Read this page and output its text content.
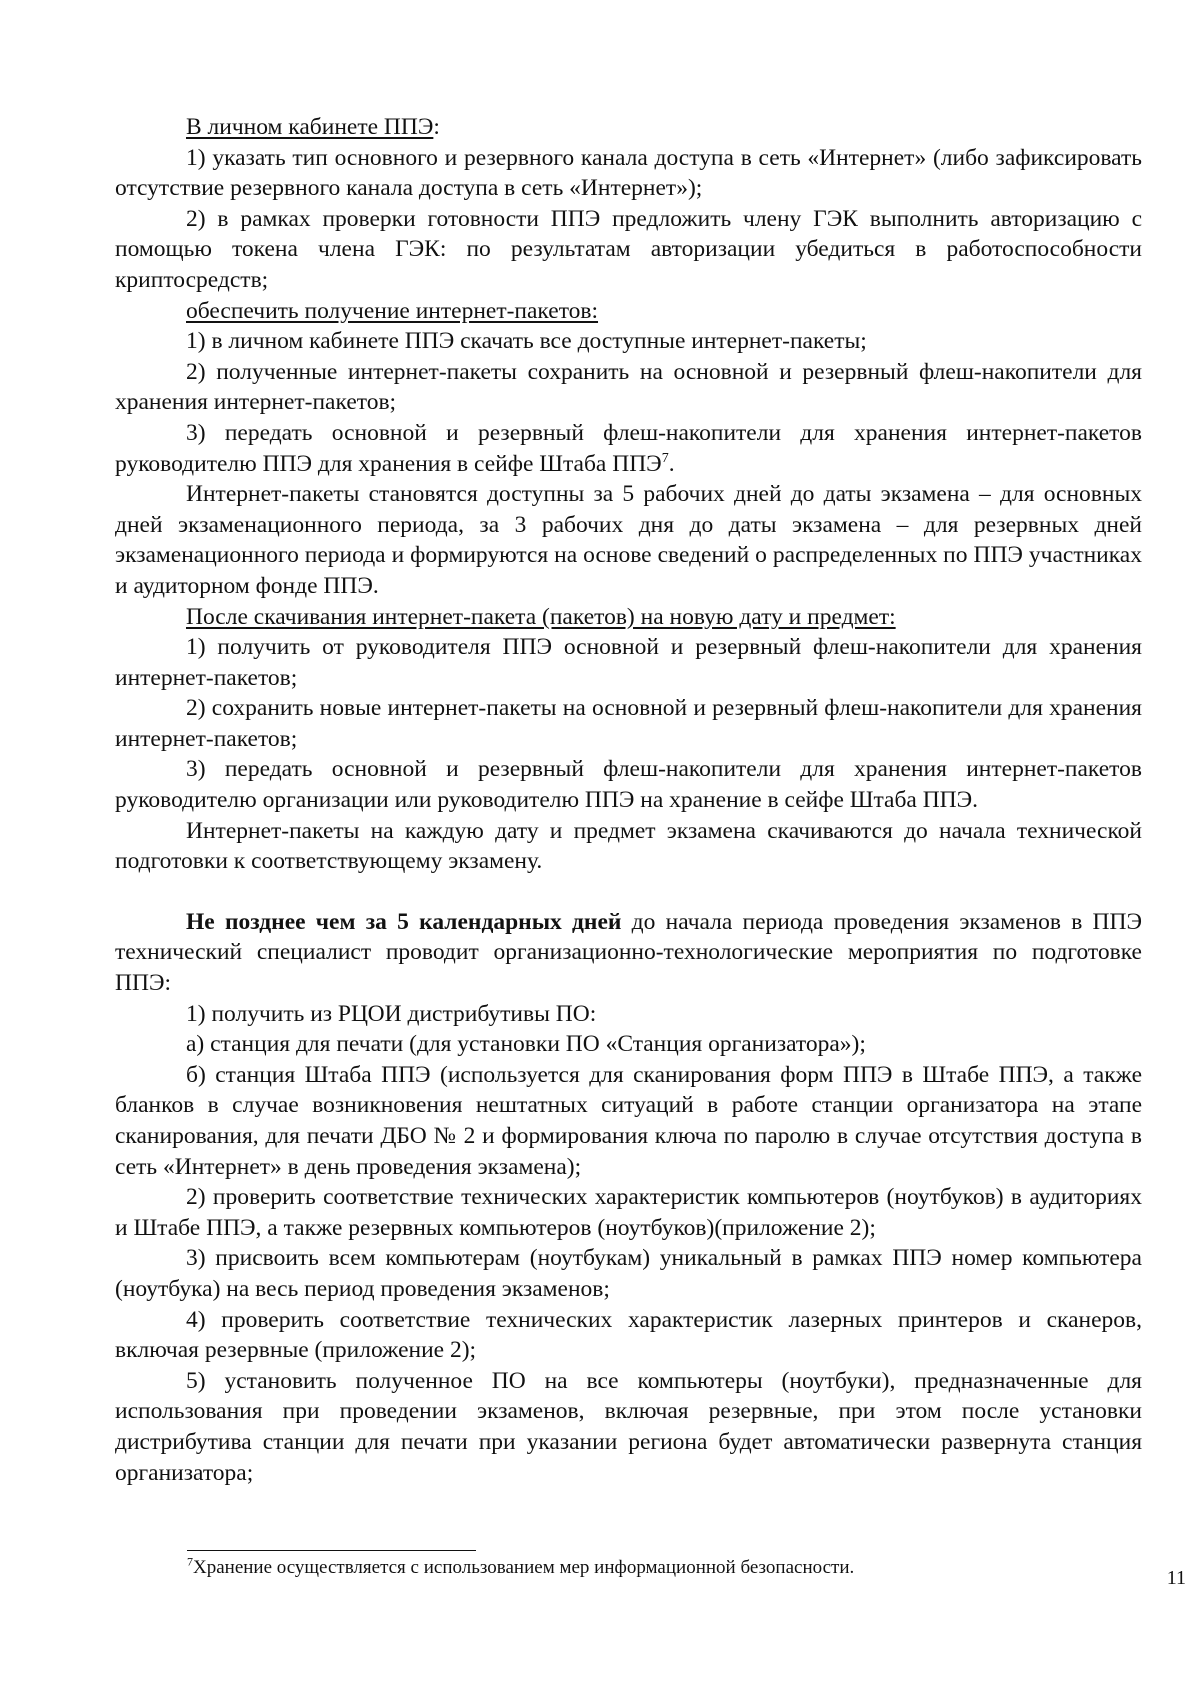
В личном кабинете ППЭ:

1) указать тип основного и резервного канала доступа в сеть «Интернет» (либо зафиксировать отсутствие резервного канала доступа в сеть «Интернет»);

2) в рамках проверки готовности ППЭ предложить члену ГЭК выполнить авторизацию с помощью токена члена ГЭК: по результатам авторизации убедиться в работоспособности криптосредств;

обеспечить получение интернет-пакетов:

1) в личном кабинете ППЭ скачать все доступные интернет-пакеты;

2) полученные интернет-пакеты сохранить на основной и резервный флеш-накопители для хранения интернет-пакетов;

3) передать основной и резервный флеш-накопители для хранения интернет-пакетов руководителю ППЭ для хранения в сейфе Штаба ППЭ$^7$.

Интернет-пакеты становятся доступны за 5 рабочих дней до даты экзамена – для основных дней экзаменационного периода, за 3 рабочих дня до даты экзамена – для резервных дней экзаменационного периода и формируются на основе сведений о распределенных по ППЭ участниках и аудиторном фонде ППЭ.

После скачивания интернет-пакета (пакетов) на новую дату и предмет:

1) получить от руководителя ППЭ основной и резервный флеш-накопители для хранения интернет-пакетов;

2) сохранить новые интернет-пакеты на основной и резервный флеш-накопители для хранения интернет-пакетов;

3) передать основной и резервный флеш-накопители для хранения интернет-пакетов руководителю организации или руководителю ППЭ на хранение в сейфе Штаба ППЭ.

Интернет-пакеты на каждую дату и предмет экзамена скачиваются до начала технической подготовки к соответствующему экзамену.

Не позднее чем за 5 календарных дней до начала периода проведения экзаменов в ППЭ технический специалист проводит организационно-технологические мероприятия по подготовке ППЭ:

1) получить из РЦОИ дистрибутивы ПО:

а) станция для печати (для установки ПО «Станция организатора»);

б) станция Штаба ППЭ (используется для сканирования форм ППЭ в Штабе ППЭ, а также бланков в случае возникновения нештатных ситуаций в работе станции организатора на этапе сканирования, для печати ДБО № 2 и формирования ключа по паролю в случае отсутствия доступа в сеть «Интернет» в день проведения экзамена);

2) проверить соответствие технических характеристик компьютеров (ноутбуков) в аудиториях и Штабе ППЭ, а также резервных компьютеров (ноутбуков)(приложение 2);

3) присвоить всем компьютерам (ноутбукам) уникальный в рамках ППЭ номер компьютера (ноутбука) на весь период проведения экзаменов;

4) проверить соответствие технических характеристик лазерных принтеров и сканеров, включая резервные (приложение 2);

5) установить полученное ПО на все компьютеры (ноутбуки), предназначенные для использования при проведении экзаменов, включая резервные, при этом после установки дистрибутива станции для печати при указании региона будет автоматически развернута станция организатора;

$^7$Хранение осуществляется с использованием мер информационной безопасности.	11
